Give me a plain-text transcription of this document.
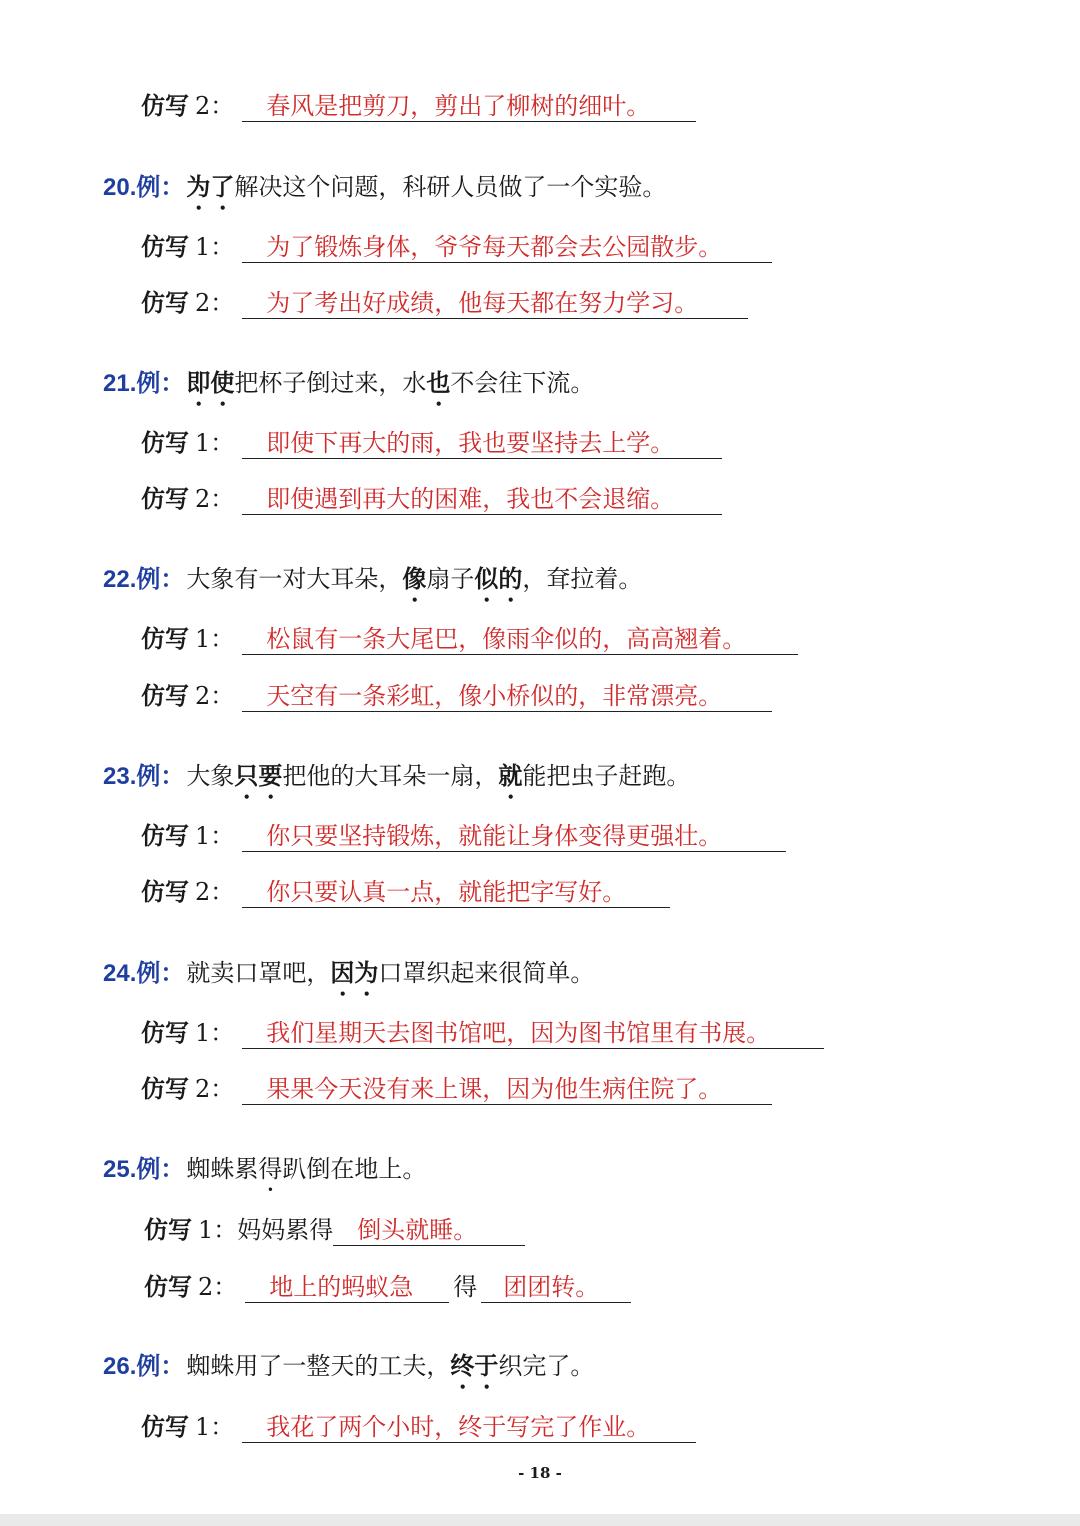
仿写 2：	春风是把剪刀，剪出了柳树的细叶。
20.例：为了解决这个问题，科研人员做了一个实验。
仿写 1：	为了锻炼身体，爷爷每天都会去公园散步。
仿写 2：	为了考出好成绩，他每天都在努力学习。
21.例：即使把杯子倒过来，水也不会往下流。
仿写 1：	即使下再大的雨，我也要坚持去上学。
仿写 2：	即使遇到再大的困难，我也不会退缩。
22.例：大象有一对大耳朵，像扇子似的，耷拉着。
仿写 1：	松鼠有一条大尾巴，像雨伞似的，高高翘着。
仿写 2：	天空有一条彩虹，像小桥似的，非常漂亮。
23.例：大象只要把他的大耳朵一扇，就能把虫子赶跑。
仿写 1：	你只要坚持锻炼，就能让身体变得更强壮。
仿写 2：	你只要认真一点，就能把字写好。
24.例：就卖口罩吧，因为口罩织起来很简单。
仿写 1：	我们星期天去图书馆吧，因为图书馆里有书展。
仿写 2：	果果今天没有来上课，因为他生病住院了。
25.例：蜘蛛累得趴倒在地上。
仿写 1： 妈妈累得	倒头就睡。
仿写 2：	地上的蚂蚁急	得	团团转。
26.例：蜘蛛用了一整天的工夫，终于织完了。
仿写 1：	我花了两个小时，终于写完了作业。
- 18 -
